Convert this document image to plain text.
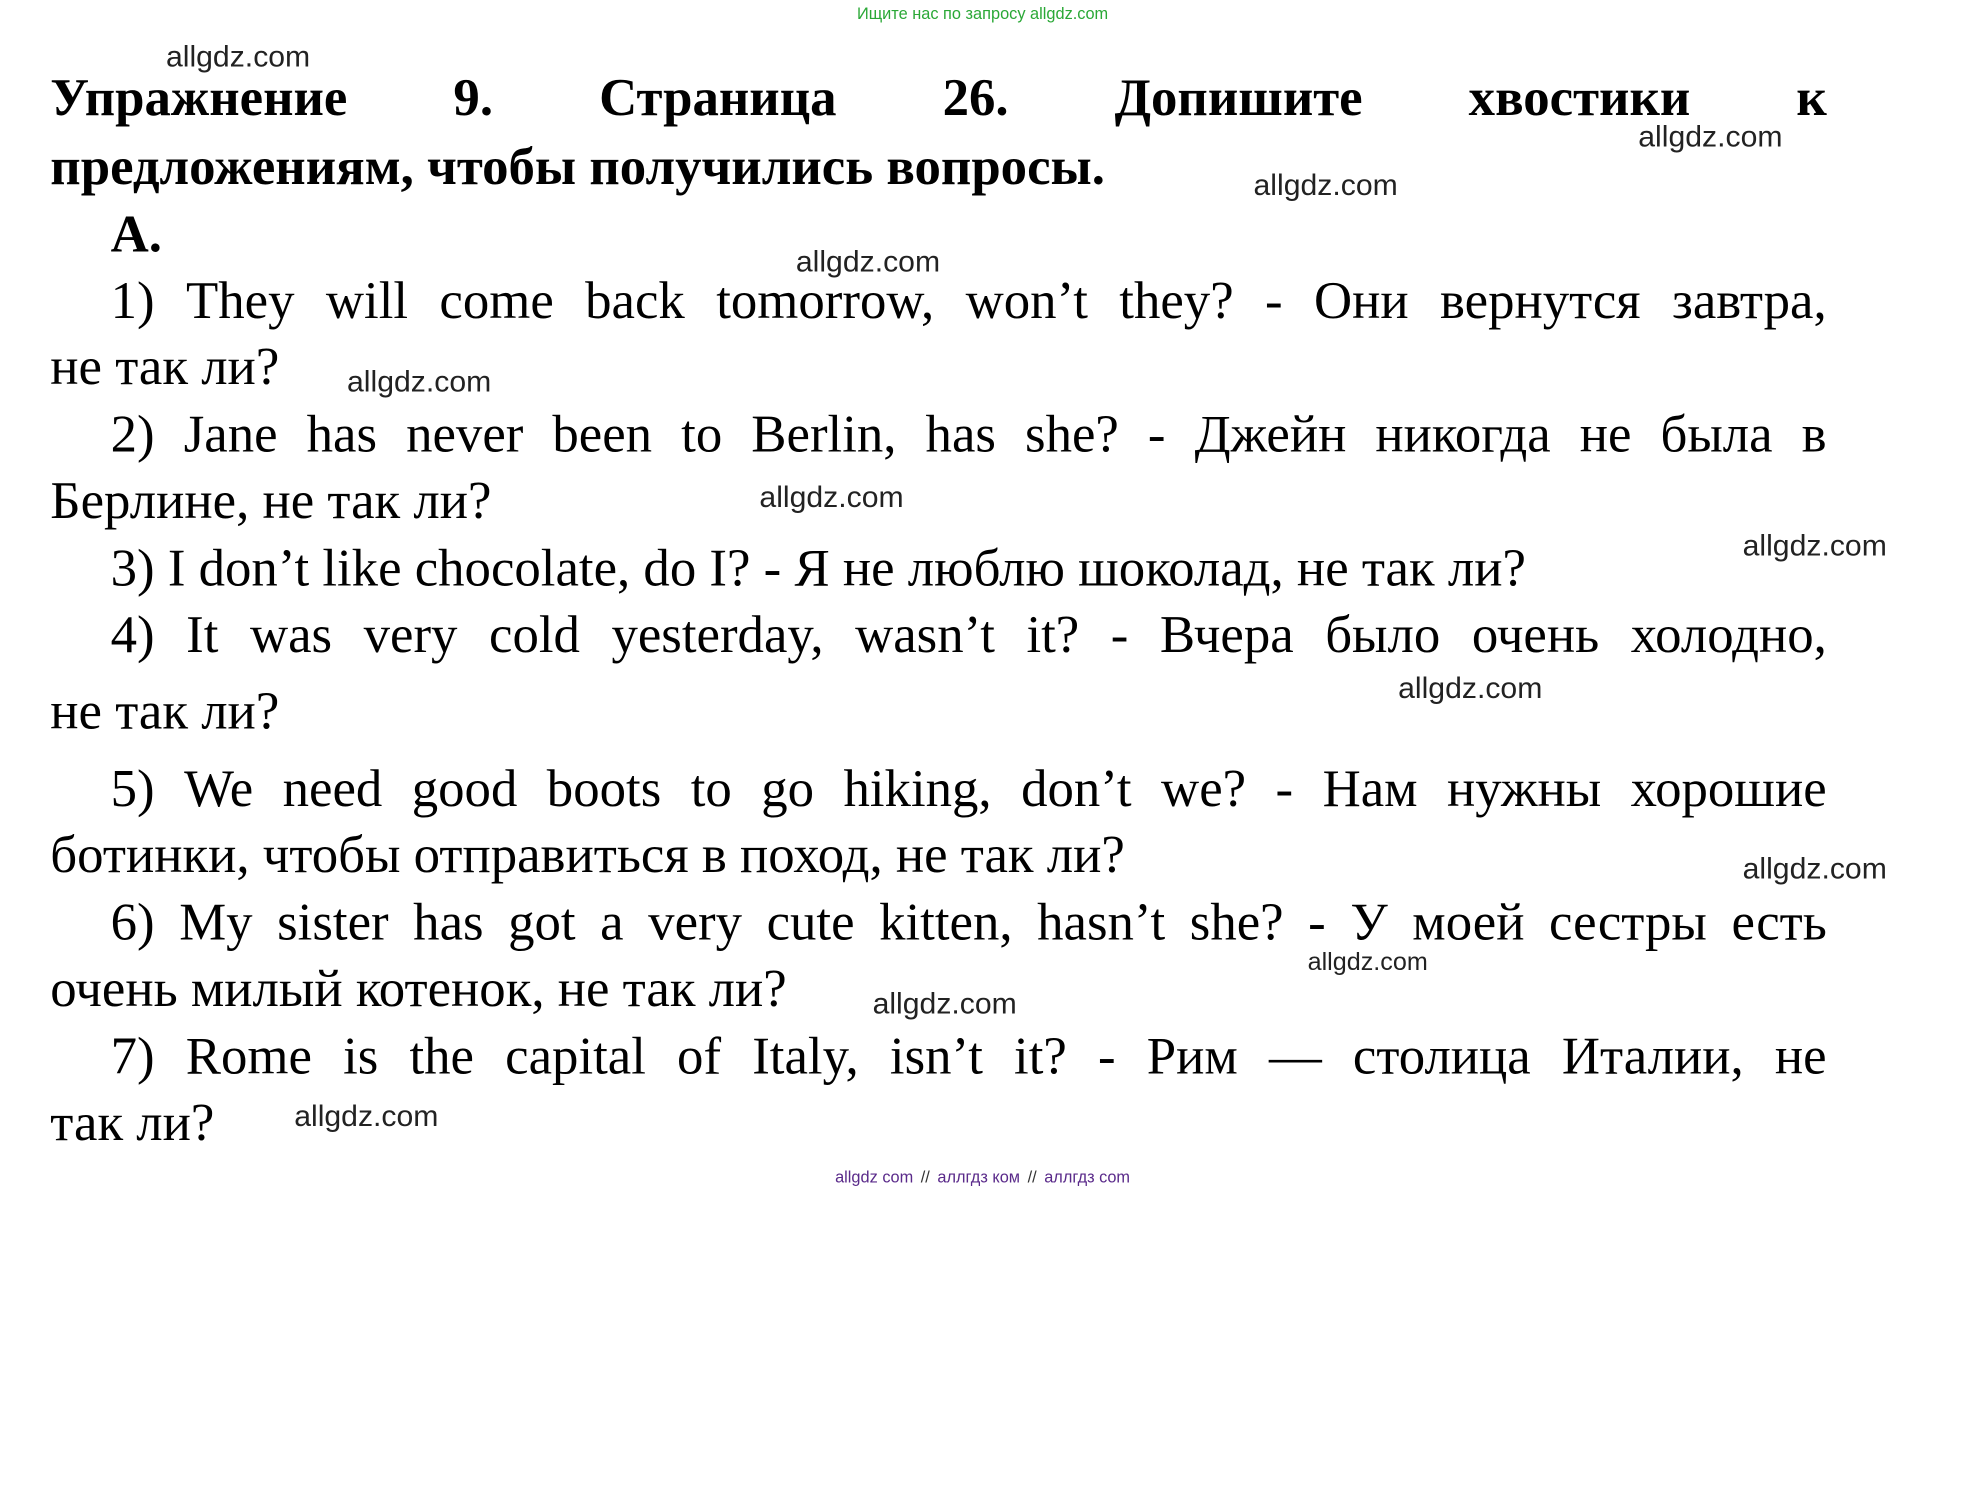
Ищите нас по запросу allgdz.com
Упражнение	9.	Страница	26.	Допишите	хвостики	к
предложениям, чтобы получились вопросы.
A.
1) They will come back tomorrow, won’t they? - Они вернутся завтра,
не так ли?
2) Jane has never been to Berlin, has she? - Джейн никогда не была в
Берлине, не так ли?
3) I don’t like chocolate, do I? - Я не люблю шоколад, не так ли?
4) It was very cold yesterday, wasn’t it? - Вчера было очень холодно,
не так ли?
5) We need good boots to go hiking, don’t we? - Нам нужны хорошие
ботинки, чтобы отправиться в поход, не так ли?
6) My sister has got a very cute kitten, hasn’t she? - У моей сестры есть
очень милый котенок, не так ли?
7) Rome is the capital of Italy, isn’t it? - Рим — столица Италии, не
так ли?
allgdz.com
allgdz.com
allgdz.com
allgdz.com
allgdz.com
allgdz.com
allgdz.com
allgdz.com
allgdz.com
allgdz.com
allgdz.com
allgdz.com
allgdz com // аллгдз ком // аллгдз com
